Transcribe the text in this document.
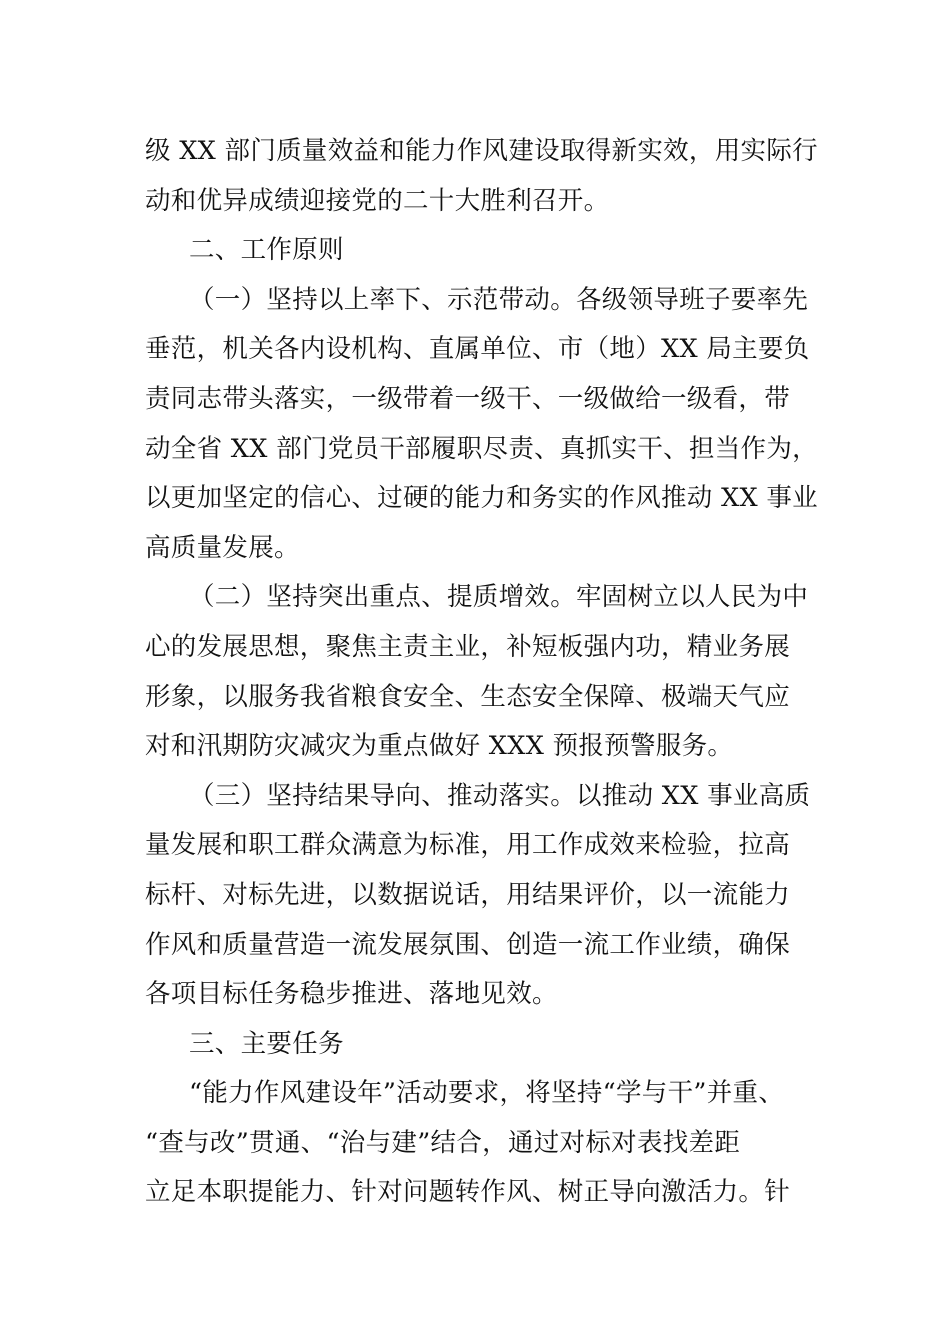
级 XX 部门质量效益和能力作风建设取得新实效，用实际行
动和优异成绩迎接党的二十大胜利召开。
二、工作原则
（一）坚持以上率下、示范带动。各级领导班子要率先
垂范，机关各内设机构、直属单位、市（地）XX 局主要负
责同志带头落实，一级带着一级干、一级做给一级看，带
动全省 XX 部门党员干部履职尽责、真抓实干、担当作为，
以更加坚定的信心、过硬的能力和务实的作风推动 XX 事业
高质量发展。
（二）坚持突出重点、提质增效。牢固树立以人民为中
心的发展思想，聚焦主责主业，补短板强内功，精业务展
形象，以服务我省粮食安全、生态安全保障、极端天气应
对和汛期防灾减灾为重点做好 XXX 预报预警服务。
（三）坚持结果导向、推动落实。以推动 XX 事业高质
量发展和职工群众满意为标准，用工作成效来检验，拉高
标杆、对标先进，以数据说话，用结果评价，以一流能力
作风和质量营造一流发展氛围、创造一流工作业绩，确保
各项目标任务稳步推进、落地见效。
三、主要任务
“能力作风建设年”活动要求，将坚持“学与干”并重、
“查与改”贯通、“治与建”结合，通过对标对表找差距
立足本职提能力、针对问题转作风、树正导向激活力。针
